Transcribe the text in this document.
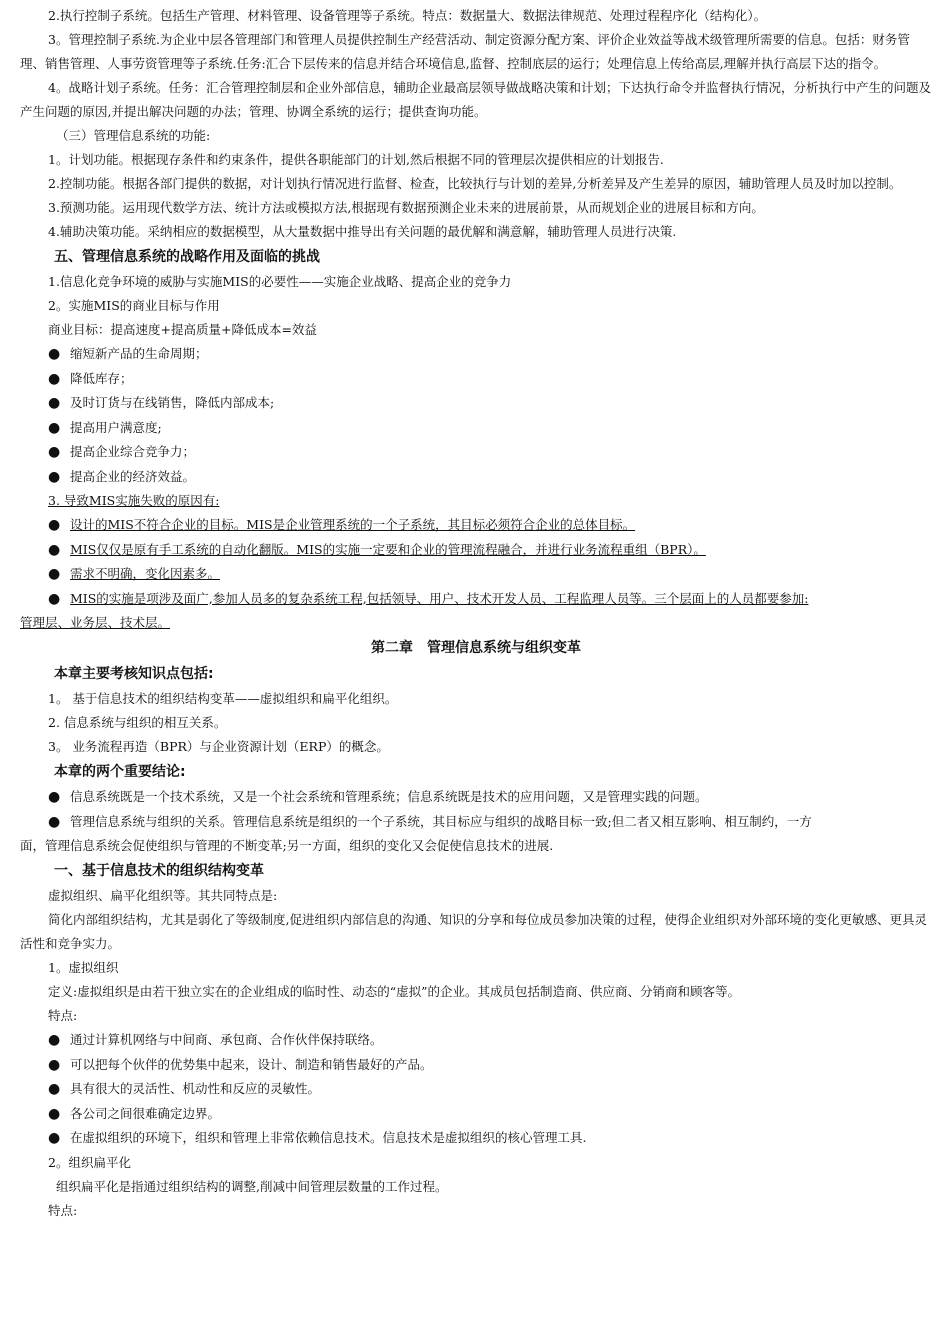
2.执行控制子系统。包括生产管理、材料管理、设备管理等子系统。特点：数据量大、数据法律规范、处理过程程序化（结构化）。

3。管理控制子系统.为企业中层各管理部门和管理人员提供控制生产经营活动、制定资源分配方案、评价企业效益等战术级管理所需要的信息。包括：财务管理、销售管理、人事劳资管理等子系统.任务:汇合下层传来的信息并结合环境信息,监督、控制底层的运行；处理信息上传给高层,理解并执行高层下达的指令。

4。战略计划子系统。任务：汇合管理控制层和企业外部信息，辅助企业最高层领导做战略决策和计划；下达执行命令并监督执行情况，分析执行中产生的问题及产生问题的原因,并提出解决问题的办法；管理、协调全系统的运行；提供查询功能。

（三）管理信息系统的功能:

1。计划功能。根据现存条件和约束条件，提供各职能部门的计划,然后根据不同的管理层次提供相应的计划报告.

2.控制功能。根据各部门提供的数据，对计划执行情况进行监督、检查，比较执行与计划的差异,分析差异及产生差异的原因，辅助管理人员及时加以控制。

3.预测功能。运用现代数学方法、统计方法或模拟方法,根据现有数据预测企业未来的进展前景，从而规划企业的进展目标和方向。

4.辅助决策功能。采纳相应的数据模型，从大量数据中推导出有关问题的最优解和满意解，辅助管理人员进行决策.

五、管理信息系统的战略作用及面临的挑战

1.信息化竞争环境的威胁与实施MIS的必要性——实施企业战略、提高企业的竞争力

2。实施MIS的商业目标与作用

商业目标：提高速度+提高质量+降低成本=效益

● 缩短新产品的生命周期；
● 降低库存；
● 及时订货与在线销售，降低内部成本;
● 提高用户满意度;
● 提高企业综合竞争力；
● 提高企业的经济效益。

3. 导致MIS实施失败的原因有:

● 设计的MIS不符合企业的目标。MIS是企业管理系统的一个子系统，其目标必须符合企业的总体目标。
● MIS仅仅是原有手工系统的自动化翻版。MIS的实施一定要和企业的管理流程融合，并进行业务流程重组（BPR）。
● 需求不明确，变化因素多。
● MIS的实施是项涉及面广,参加人员多的复杂系统工程,包括领导、用户、技术开发人员、工程监理人员等。三个层面上的人员都要参加:

管理层、业务层、技术层。

第二章　管理信息系统与组织变革

本章主要考核知识点包括:

1。 基于信息技术的组织结构变革——虚拟组织和扁平化组织。

2. 信息系统与组织的相互关系。

3。 业务流程再造（BPR）与企业资源计划（ERP）的概念。

本章的两个重要结论:

● 信息系统既是一个技术系统，又是一个社会系统和管理系统；信息系统既是技术的应用问题，又是管理实践的问题。
● 管理信息系统与组织的关系。管理信息系统是组织的一个子系统，其目标应与组织的战略目标一致;但二者又相互影响、相互制约，一方

面，管理信息系统会促使组织与管理的不断变革;另一方面，组织的变化又会促使信息技术的进展.

一、基于信息技术的组织结构变革

虚拟组织、扁平化组织等。其共同特点是:

简化内部组织结构，尤其是弱化了等级制度,促进组织内部信息的沟通、知识的分享和每位成员参加决策的过程，使得企业组织对外部环境的变化更敏感、更具灵活性和竞争实力。

1。虚拟组织

定义:虚拟组织是由若干独立实在的企业组成的临时性、动态的“虚拟”的企业。其成员包括制造商、供应商、分销商和顾客等。

特点:

● 通过计算机网络与中间商、承包商、合作伙伴保持联络。
● 可以把每个伙伴的优势集中起来，设计、制造和销售最好的产品。
● 具有很大的灵活性、机动性和反应的灵敏性。
● 各公司之间很难确定边界。
● 在虚拟组织的环境下，组织和管理上非常依赖信息技术。信息技术是虚拟组织的核心管理工具.

2。组织扁平化

组织扁平化是指通过组织结构的调整,削减中间管理层数量的工作过程。

特点:
